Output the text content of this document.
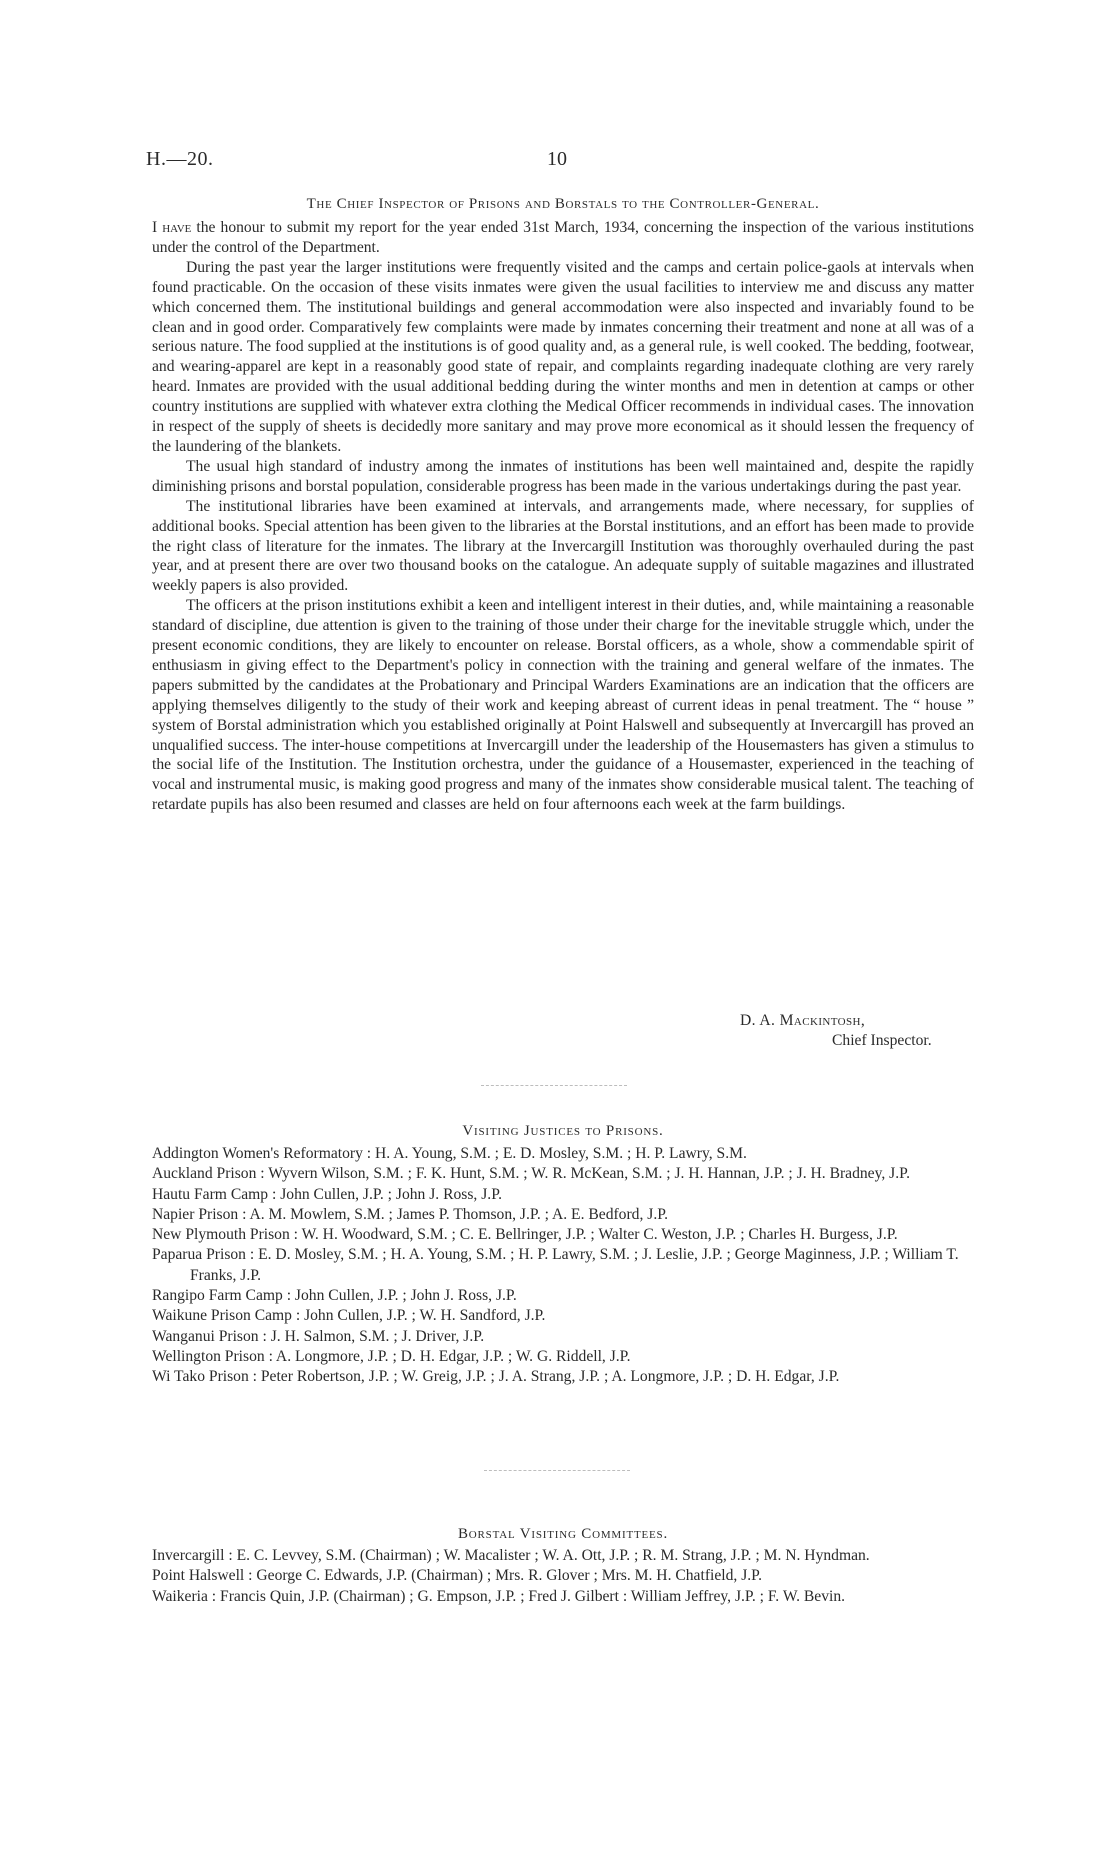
H.—20.	10
The Chief Inspector of Prisons and Borstals to the Controller-General.

I have the honour to submit my report for the year ended 31st March, 1934, concerning the inspection of the various institutions under the control of the Department.

During the past year the larger institutions were frequently visited and the camps and certain police-gaols at intervals when found practicable. On the occasion of these visits inmates were given the usual facilities to interview me and discuss any matter which concerned them. The institutional buildings and general accommodation were also inspected and invariably found to be clean and in good order. Comparatively few complaints were made by inmates concerning their treatment and none at all was of a serious nature. The food supplied at the institutions is of good quality and, as a general rule, is well cooked. The bedding, footwear, and wearing-apparel are kept in a reasonably good state of repair, and complaints regarding inadequate clothing are very rarely heard. Inmates are provided with the usual additional bedding during the winter months and men in detention at camps or other country institutions are supplied with whatever extra clothing the Medical Officer recommends in individual cases. The innovation in respect of the supply of sheets is decidedly more sanitary and may prove more economical as it should lessen the frequency of the laundering of the blankets.

The usual high standard of industry among the inmates of institutions has been well maintained and, despite the rapidly diminishing prisons and borstal population, considerable progress has been made in the various undertakings during the past year.

The institutional libraries have been examined at intervals, and arrangements made, where necessary, for supplies of additional books. Special attention has been given to the libraries at the Borstal institutions, and an effort has been made to provide the right class of literature for the inmates. The library at the Invercargill Institution was thoroughly overhauled during the past year, and at present there are over two thousand books on the catalogue. An adequate supply of suitable magazines and illustrated weekly papers is also provided.

The officers at the prison institutions exhibit a keen and intelligent interest in their duties, and, while maintaining a reasonable standard of discipline, due attention is given to the training of those under their charge for the inevitable struggle which, under the present economic conditions, they are likely to encounter on release. Borstal officers, as a whole, show a commendable spirit of enthusiasm in giving effect to the Department's policy in connection with the training and general welfare of the inmates. The papers submitted by the candidates at the Probationary and Principal Warders Examinations are an indication that the officers are applying themselves diligently to the study of their work and keeping abreast of current ideas in penal treatment. The “ house ” system of Borstal administration which you established originally at Point Halswell and subsequently at Invercargill has proved an unqualified success. The inter-house competitions at Invercargill under the leadership of the Housemasters has given a stimulus to the social life of the Institution. The Institution orchestra, under the guidance of a Housemaster, experienced in the teaching of vocal and instrumental music, is making good progress and many of the inmates show considerable musical talent. The teaching of retardate pupils has also been resumed and classes are held on four afternoons each week at the farm buildings.

D. A. Mackintosh,
Chief Inspector.
Visiting Justices to Prisons.
Addington Women's Reformatory : H. A. Young, S.M. ; E. D. Mosley, S.M. ; H. P. Lawry, S.M.
Auckland Prison : Wyvern Wilson, S.M. ; F. K. Hunt, S.M. ; W. R. McKean, S.M. ; J. H. Hannan, J.P. ; J. H. Bradney, J.P.
Hautu Farm Camp : John Cullen, J.P. ; John J. Ross, J.P.
Napier Prison : A. M. Mowlem, S.M. ; James P. Thomson, J.P. ; A. E. Bedford, J.P.
New Plymouth Prison : W. H. Woodward, S.M. ; C. E. Bellringer, J.P. ; Walter C. Weston, J.P. ; Charles H. Burgess, J.P.
Paparua Prison : E. D. Mosley, S.M. ; H. A. Young, S.M. ; H. P. Lawry, S.M. ; J. Leslie, J.P. ; George Maginness, J.P. ; William T. Franks, J.P.
Rangipo Farm Camp : John Cullen, J.P. ; John J. Ross, J.P.
Waikune Prison Camp : John Cullen, J.P. ; W. H. Sandford, J.P.
Wanganui Prison : J. H. Salmon, S.M. ; J. Driver, J.P.
Wellington Prison : A. Longmore, J.P. ; D. H. Edgar, J.P. ; W. G. Riddell, J.P.
Wi Tako Prison : Peter Robertson, J.P. ; W. Greig, J.P. ; J. A. Strang, J.P. ; A. Longmore, J.P. ; D. H. Edgar, J.P.
Borstal Visiting Committees.
Invercargill : E. C. Levvey, S.M. (Chairman) ; W. Macalister ; W. A. Ott, J.P. ; R. M. Strang, J.P. ; M. N. Hyndman.
Point Halswell : George C. Edwards, J.P. (Chairman) ; Mrs. R. Glover ; Mrs. M. H. Chatfield, J.P.
Waikeria : Francis Quin, J.P. (Chairman) ; G. Empson, J.P. ; Fred J. Gilbert : William Jeffrey, J.P. ; F. W. Bevin.
